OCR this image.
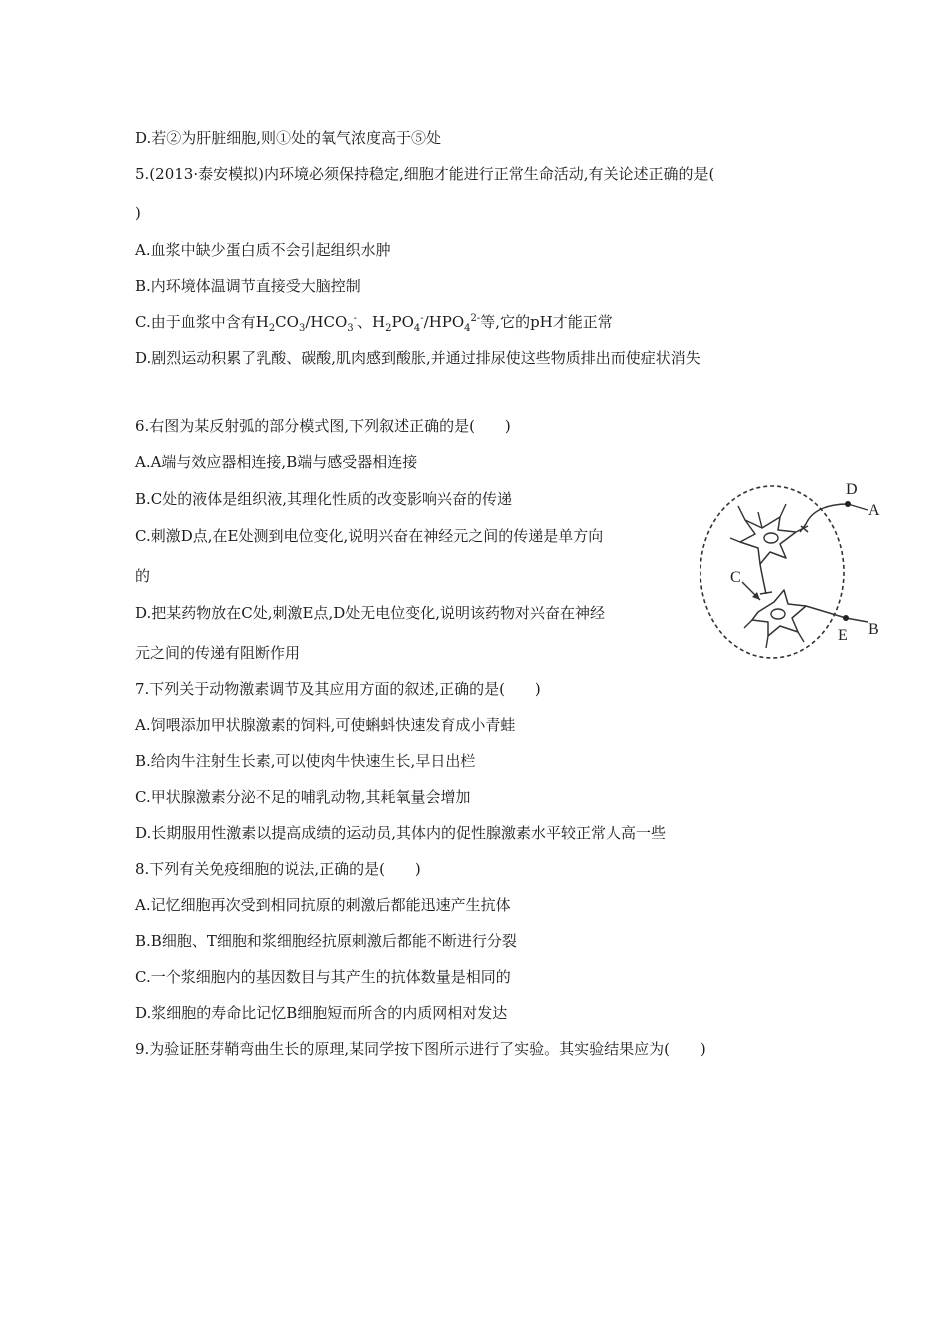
D.若②为肝脏细胞,则①处的氧气浓度高于⑤处
5.(2013·泰安模拟)内环境必须保持稳定,细胞才能进行正常生命活动,有关论述正确的是(
)
A.血浆中缺少蛋白质不会引起组织水肿
B.内环境体温调节直接受大脑控制
C.由于血浆中含有$H_2CO_3/HCO_3^-$、$H_2PO_4^-/HPO_4^{2-}$等,它的pH才能正常
D.剧烈运动积累了乳酸、碳酸,肌肉感到酸胀,并通过排尿使这些物质排出而使症状消失
6.右图为某反射弧的部分模式图,下列叙述正确的是(　　)
A.A端与效应器相连接,B端与感受器相连接
B.C处的液体是组织液,其理化性质的改变影响兴奋的传递
C.刺激D点,在E处测到电位变化,说明兴奋在神经元之间的传递是单方向
的
D.把某药物放在C处,刺激E点,D处无电位变化,说明该药物对兴奋在神经
元之间的传递有阻断作用
7.下列关于动物激素调节及其应用方面的叙述,正确的是(　　)
A.饲喂添加甲状腺激素的饲料,可使蝌蚪快速发育成小青蛙
B.给肉牛注射生长素,可以使肉牛快速生长,早日出栏
C.甲状腺激素分泌不足的哺乳动物,其耗氧量会增加
D.长期服用性激素以提高成绩的运动员,其体内的促性腺激素水平较正常人高一些
8.下列有关免疫细胞的说法,正确的是(　　)
A.记忆细胞再次受到相同抗原的刺激后都能迅速产生抗体
B.B细胞、T细胞和浆细胞经抗原刺激后都能不断进行分裂
C.一个浆细胞内的基因数目与其产生的抗体数量是相同的
D.浆细胞的寿命比记忆B细胞短而所含的内质网相对发达
9.为验证胚芽鞘弯曲生长的原理,某同学按下图所示进行了实验。其实验结果应为(　　)
D
A
C
E B
